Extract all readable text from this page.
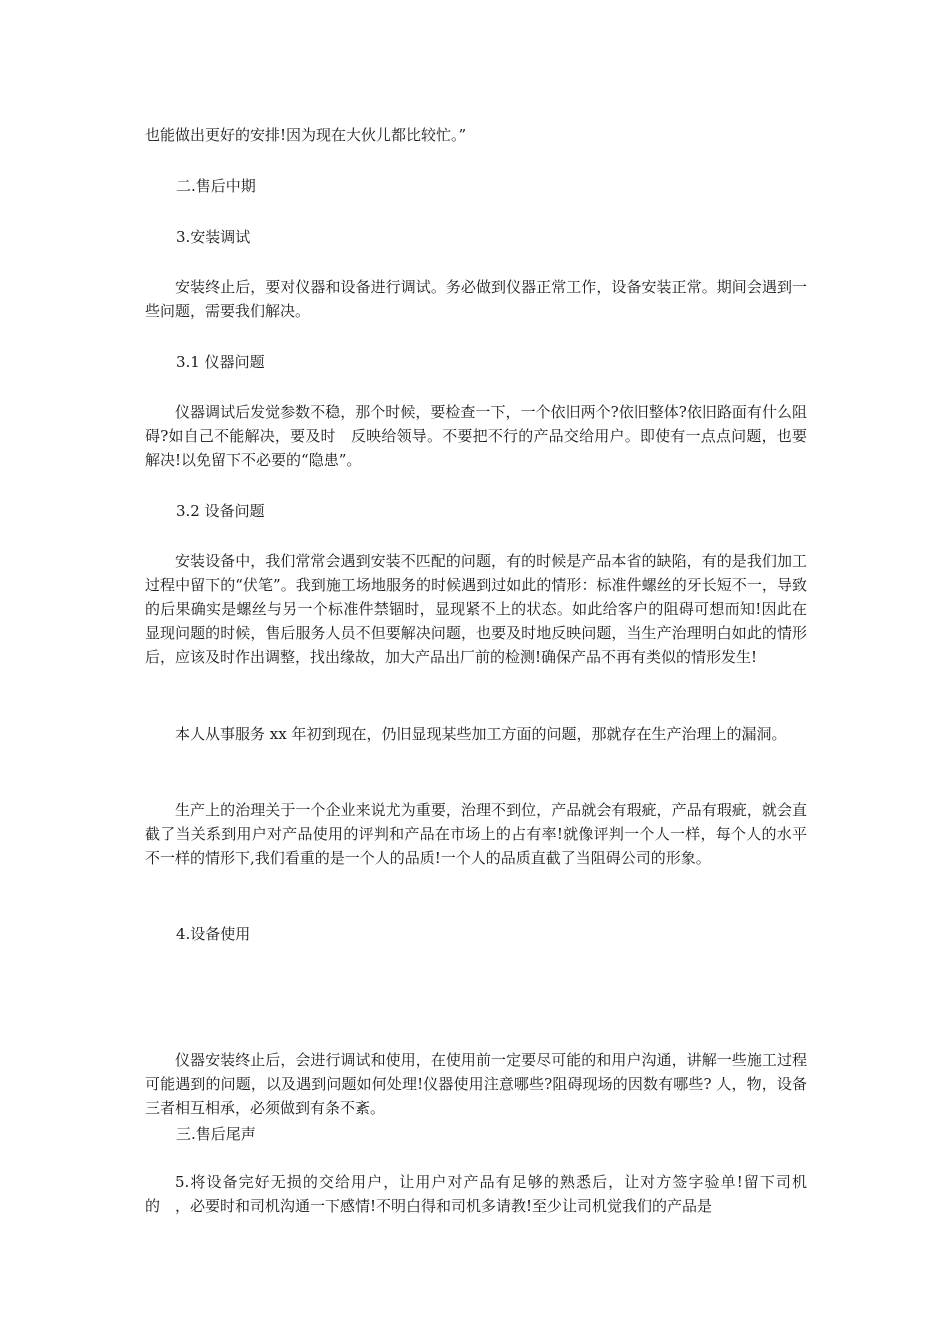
也能做出更好的安排!因为现在大伙儿都比较忙。”

二.售后中期

3.安装调试

安装终止后，要对仪器和设备进行调试。务必做到仪器正常工作，设备安装正常。期间会遇到一些问题，需要我们解决。

3.1 仪器问题

仪器调试后发觉参数不稳，那个时候，要检查一下，一个依旧两个?依旧整体?依旧路面有什么阻碍?如自己不能解决，要及时　反映给领导。不要把不行的产品交给用户。即使有一点点问题，也要解决!以免留下不必要的“隐患”。

3.2 设备问题

安装设备中，我们常常会遇到安装不匹配的问题，有的时候是产品本省的缺陷，有的是我们加工过程中留下的“伏笔”。我到施工场地服务的时候遇到过如此的情形：标准件螺丝的牙长短不一，导致的后果确实是螺丝与另一个标准件禁锢时，显现紧不上的状态。如此给客户的阻碍可想而知!因此在显现问题的时候，售后服务人员不但要解决问题，也要及时地反映问题，当生产治理明白如此的情形后，应该及时作出调整，找出缘故，加大产品出厂前的检测!确保产品不再有类似的情形发生!

本人从事服务 xx 年初到现在，仍旧显现某些加工方面的问题，那就存在生产治理上的漏洞。

生产上的治理关于一个企业来说尤为重要，治理不到位，产品就会有瑕疵，产品有瑕疵，就会直截了当关系到用户对产品使用的评判和产品在市场上的占有率!就像评判一个人一样，每个人的水平不一样的情形下,我们看重的是一个人的品质!一个人的品质直截了当阻碍公司的形象。

4.设备使用

仪器安装终止后，会进行调试和使用，在使用前一定要尽可能的和用户沟通，讲解一些施工过程可能遇到的问题，以及遇到问题如何处理!仪器使用注意哪些?阻碍现场的因数有哪些? 人，物，设备三者相互相承，必须做到有条不紊。

三.售后尾声

5.将设备完好无损的交给用户，让用户对产品有足够的熟悉后，让对方签字验单!留下司机的　，必要时和司机沟通一下感情!不明白得和司机多请教!至少让司机觉我们的产品是
